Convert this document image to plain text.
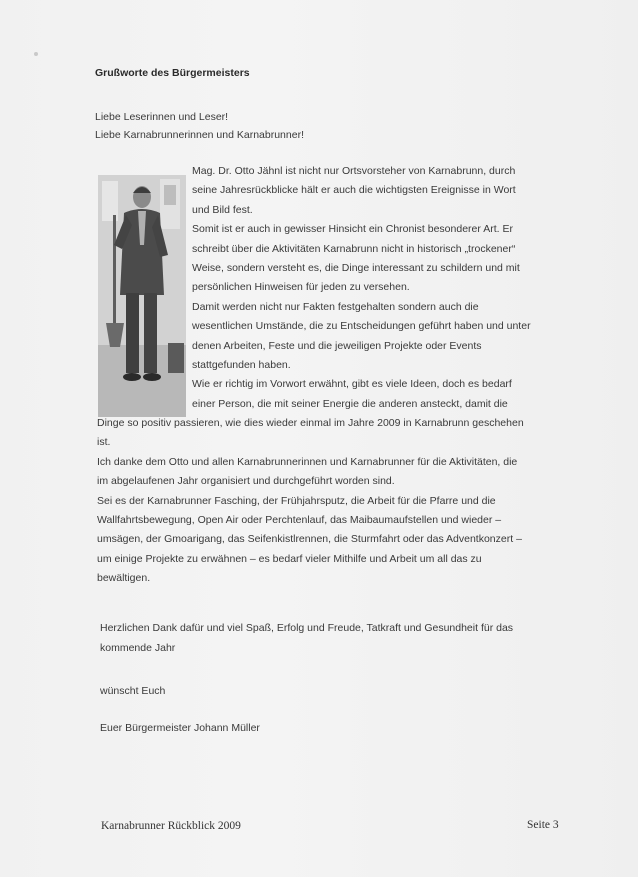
Grußworte des Bürgermeisters
Liebe Leserinnen und Leser!
Liebe Karnabrunnerinnen und Karnabrunner!
Mag. Dr. Otto Jähnl ist nicht nur Ortsvorsteher von Karnabrunn, durch
seine Jahresrückblicke hält er auch die wichtigsten Ereignisse in Wort
und Bild fest.
Somit ist er auch in gewisser Hinsicht ein Chronist besonderer Art. Er
schreibt über die Aktivitäten Karnabrunn nicht in historisch „trockener“
Weise, sondern versteht es, die Dinge interessant zu schildern und mit
persönlichen Hinweisen für jeden zu versehen.
Damit werden nicht nur Fakten festgehalten sondern auch die
wesentlichen Umstände, die zu Entscheidungen geführt haben und unter
denen Arbeiten, Feste und die jeweiligen Projekte oder Events
stattgefunden haben.
Wie er richtig im Vorwort erwähnt, gibt es viele Ideen, doch es bedarf
einer Person, die mit seiner Energie die anderen ansteckt, damit die
Dinge so positiv passieren, wie dies wieder einmal im Jahre 2009 in Karnabrunn geschehen
ist.
Ich danke dem Otto und allen Karnabrunnerinnen und Karnabrunner für die Aktivitäten, die
im abgelaufenen Jahr organisiert und durchgeführt worden sind.
Sei es der Karnabrunner Fasching, der Frühjahrsputz, die Arbeit für die Pfarre und die
Wallfahrtsbewegung, Open Air oder Perchtenlauf, das Maibaumaufstellen und wieder –
umsägen, der Gmoarigang, das Seifenkistlrennen, die Sturmfahrt oder das Adventkonzert –
um einige Projekte zu erwähnen – es bedarf vieler Mithilfe und Arbeit um all das zu
bewältigen.
Herzlichen Dank dafür und viel Spaß, Erfolg und Freude, Tatkraft und Gesundheit für das
kommende Jahr
wünscht Euch
Euer Bürgermeister Johann Müller
Karnabrunner Rückblick 2009	Seite 3
